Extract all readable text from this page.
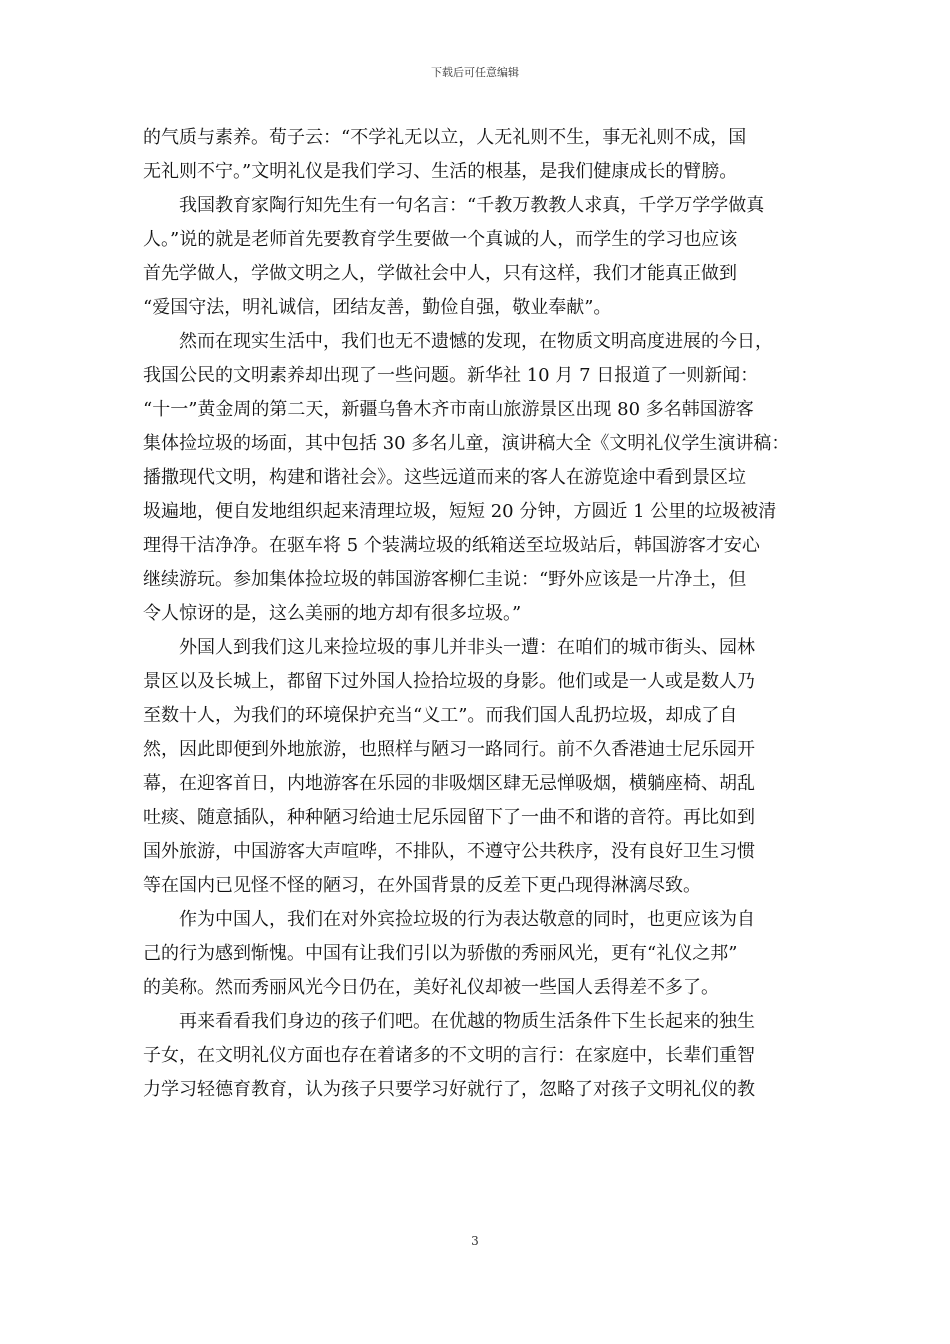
下载后可任意编辑

的气质与素养。荀子云：“不学礼无以立，人无礼则不生，事无礼则不成，国
无礼则不宁。”文明礼仪是我们学习、生活的根基，是我们健康成长的臂膀。

我国教育家陶行知先生有一句名言：“千教万教教人求真，千学万学学做真
人。”说的就是老师首先要教育学生要做一个真诚的人，而学生的学习也应该
首先学做人，学做文明之人，学做社会中人，只有这样，我们才能真正做到
“爱国守法，明礼诚信，团结友善，勤俭自强，敬业奉献”。

然而在现实生活中，我们也无不遗憾的发现，在物质文明高度进展的今日，
我国公民的文明素养却出现了一些问题。新华社 10 月 7 日报道了一则新闻：
“十一”黄金周的第二天，新疆乌鲁木齐市南山旅游景区出现 80 多名韩国游客
集体捡垃圾的场面，其中包括 30 多名儿童，演讲稿大全《文明礼仪学生演讲稿：
播撒现代文明，构建和谐社会》。这些远道而来的客人在游览途中看到景区垃
圾遍地，便自发地组织起来清理垃圾，短短 20 分钟，方圆近 1 公里的垃圾被清
理得干洁净净。在驱车将 5 个装满垃圾的纸箱送至垃圾站后，韩国游客才安心
继续游玩。参加集体捡垃圾的韩国游客柳仁圭说：“野外应该是一片净土，但
令人惊讶的是，这么美丽的地方却有很多垃圾。”

外国人到我们这儿来捡垃圾的事儿并非头一遭：在咱们的城市街头、园林
景区以及长城上，都留下过外国人捡拾垃圾的身影。他们或是一人或是数人乃
至数十人，为我们的环境保护充当“义工”。而我们国人乱扔垃圾，却成了自
然，因此即便到外地旅游，也照样与陋习一路同行。前不久香港迪士尼乐园开
幕，在迎客首日，内地游客在乐园的非吸烟区肆无忌惮吸烟，横躺座椅、胡乱
吐痰、随意插队，种种陋习给迪士尼乐园留下了一曲不和谐的音符。再比如到
国外旅游，中国游客大声喧哗，不排队，不遵守公共秩序，没有良好卫生习惯
等在国内已见怪不怪的陋习，在外国背景的反差下更凸现得淋漓尽致。

作为中国人，我们在对外宾捡垃圾的行为表达敬意的同时，也更应该为自
己的行为感到惭愧。中国有让我们引以为骄傲的秀丽风光，更有“礼仪之邦”
的美称。然而秀丽风光今日仍在，美好礼仪却被一些国人丢得差不多了。

再来看看我们身边的孩子们吧。在优越的物质生活条件下生长起来的独生
子女，在文明礼仪方面也存在着诸多的不文明的言行：在家庭中，长辈们重智
力学习轻德育教育，认为孩子只要学习好就行了，忽略了对孩子文明礼仪的教

3
